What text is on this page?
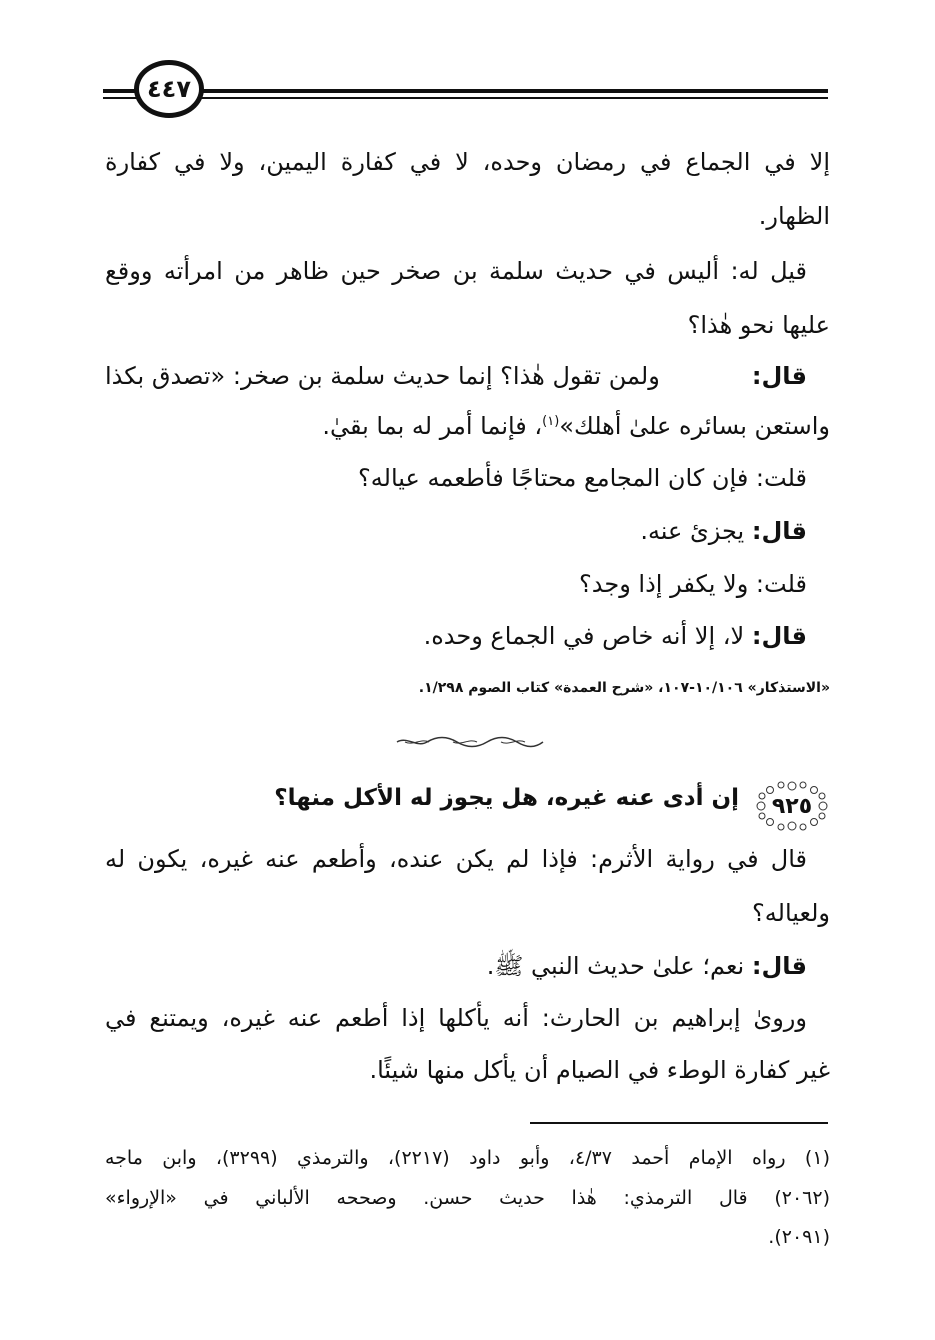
٤٤٧
إلا في الجماع في رمضان وحده، لا في كفارة اليمين، ولا في كفارة
الظهار.
قيل له: أليس في حديث سلمة بن صخر حين ظاهر من امرأته ووقع
عليها نحو هٰذا؟
قال:
ولمن تقول هٰذا؟ إنما حديث سلمة بن صخر: «تصدق بكذا
واستعن بسائره علىٰ أهلك»$^{(١)}$، فإنما أمر له بما بقيٰ.
قلت: فإن كان المجامع محتاجًا فأطعمه عياله؟
قال: يجزئ عنه.
قلت: ولا يكفر إذا وجد؟
قال: لا، إلا أنه خاص في الجماع وحده.
«الاستذكار» ١٠/١٠٦-١٠٧، «شرح العمدة» كتاب الصوم ١/٢٩٨.
٩٢٥
إن أدى عنه غيره، هل يجوز له الأكل منها؟
قال في رواية الأثرم: فإذا لم يكن عنده، وأطعم عنه غيره، يكون له
ولعياله؟
قال: نعم؛ علىٰ حديث النبي ﷺ.
وروىٰ إبراهيم بن الحارث: أنه يأكلها إذا أطعم عنه غيره، ويمتنع في
غير كفارة الوطء في الصيام أن يأكل منها شيئًا.
(١) رواه الإمام أحمد ٤/٣٧، وأبو داود (٢٢١٧)، والترمذي (٣٢٩٩)، وابن ماجه
(٢٠٦٢) قال الترمذي: هٰذا حديث حسن. وصححه الألباني في «الإرواء»
(٢٠٩١).
